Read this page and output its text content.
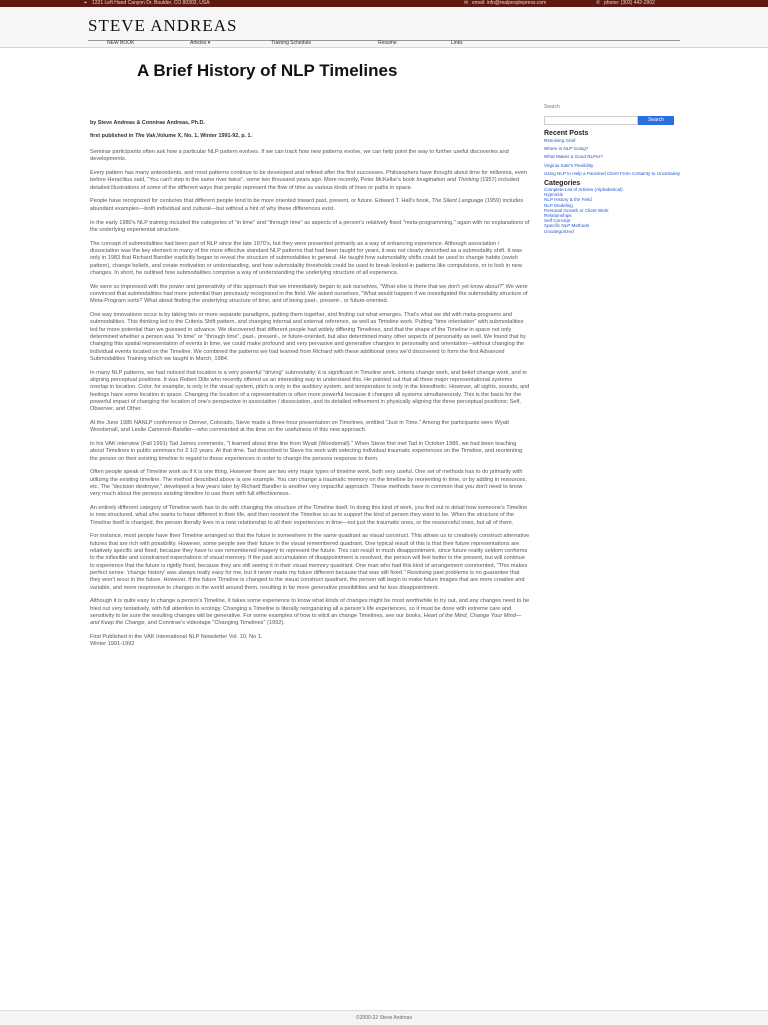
⌖ 1221 Left Hand Canyon Dr. Boulder, CO 80302, USA	✉ email: info@realpeoplepress.com	✆ phone: (303) 442-2902
STEVE ANDREAS
NEW BOOK	Articles ▾	Training Schedule	Resume	Links
A Brief History of NLP Timelines
by Steve Andreas & Connirae Andreas, Ph.D.
first published in The Vak,Volume X, No. 1, Winter 1991-92, p. 1.

Seminar participants often ask how a particular NLP pattern evolves. If we can track how new patterns evolve, we can help point the way to further useful discoveries and developments.

Every pattern has many antecedents, and most patterns continue to be developed and refined after the first successes. Philosophers have thought about time for millennia, even before Heraclitus said, "You can't step in the same river twice", some two thousand years ago. More recently, Peter McKellar's book Imagination and Thinking (1957) included detailed illustrations of some of the different ways that people represent the flow of time as various kinds of lines or paths in space.

People have recognized for centuries that different people tend to be more oriented toward past, present, or future. Edward T. Hall's book, The Silent Language (1959) includes abundant examples—both individual and cultural—but without a hint of why these differences exist.

In the early 1980's NLP training included the categories of "in time" and "through time" as aspects of a person's relatively fixed "meta-programming," again with no explanations of the underlying experiential structure.

The concept of submodalities had been part of NLP since the late 1970's, but they were presented primarily as a way of enhancing experience. Although association / dissociation was the key element in many of the more effective standard NLP patterns that had been taught for years, it was not clearly described as a submodality shift. It was only in 1983 that Richard Bandler explicitly began to reveal the structure of submodalities in general. He taught how submodality shifts could be used to change habits (swish pattern), change beliefs, and create motivation or understanding, and how submodality thresholds could be used to break looked-in patterns like compulsions, or to lock in new changes. In short, he outlined how submodalities comprise a way of understanding the underlying structure of all experience.

We were so impressed with the power and generativity of this approach that we immediately began to ask ourselves, "What else is there that we don't yet know about?" We were convinced that submodalities had more potential than previously recognized in the field. We asked ourselves, "What would happen if we investigated the submodality structure of Meta-Program sorts? What about finding the underlying structure of time, and of being past-, present-, or future-oriented.

One way innovations occur is by taking two or more separate paradigms, putting them together, and finding out what emerges. That's what we did with meta-programs and submodalities. This thinking led to the Criteria Shift pattern, and changing internal and external reference, as well as Timeline work. Putting "time orientation" with submodalities led far more potential than we guessed in advance. We discovered that different people had widely differing Timelines, and that the shape of the Timeline in space not only determined whether a person was "in time" or "through time", past-, present-, or future-oriented, but also determined many other aspects of personality as well. We found that by changing this spatial representation of events in time, we could make profound and very pervasive and generative changes in personality and orientation—without changing the individual events located on the Timeline. We combined the patterns we had learned from Richard with these additional ones we'd discovered to form the first Advanced Submodalities Training which we taught in March, 1984.

In many NLP patterns, we had noticed that location is a very powerful "driving" submodality; it is significant in Timeline work, criteria change work, and belief change work, and in aligning perceptual positions. It was Robert Dilts who recently offered us an interesting way to understand this. He pointed out that all three major representational systems overlap in location. Color, for example, is only in the visual system, pitch is only in the auditory system, and temperature is only in the kinesthetic. However, all sights, sounds, and feelings have some location in space. Changing the location of a representation is often more powerful because it changes all systems simultaneously. This is the basis for the powerful impact of changing the location of one's perspective in association / dissociation, and its detailed refinement in physically aligning the three perceptual positions; Self, Observer, and Other.

At the June 1985 NANLP conference in Denver, Colorado, Steve made a three-hour presentation on Timelines, entitled "Just in Time." Among the participants were Wyatt Woodsmall, and Leslie Cameron-Bandler—who commented at the time on the usefulness of this new approach.

In his VAK interview (Fall 1991) Tad James comments, "I learned about time line from Wyatt (Woodsmall)." When Steve first met Tad in October 1986, we had been teaching about Timelines in public seminars for 2 1/2 years. At that time, Tad described to Steve his work with selecting individual traumatic experiences on the Timeline, and reorienting the person on their existing timeline in regard to those experiences in order to change the persons response to them.

Often people speak of Timeline work as if it is one thing. However there are two very major types of timeline work, both very useful. One set of methods has to do primarily with utilizing the existing timeline. The method described above is one example. You can change a traumatic memory on the timeline by reorienting in time, or by adding in resources, etc. The "decision destroyer," developed a few years later by Richard Bandler is another very impactful approach. These methods have in common that you don't need to know very much about the persons existing timeline to use them with full effectiveness.

An entirely different category of Timeline work has to do with changing the structure of the Timeline itself. In doing this kind of work, you find out in detail how someone's Timeline is now structured, what s/he wants to have different in their life, and then reorient the Timeline so as to support the kind of person they want to be. When the structure of the Timeline itself is changed, the person literally lives in a new relationship to all their experiences in time—not just the traumatic ones, or the resourceful ones, but all of them.

For instance, most people have their Timeline arranged so that the future is somewhere in the same quadrant as visual construct. This allows us to creatively construct alternative futures that are rich with possibility. However, some people see their future in the visual remembered quadrant. One typical result of this is that their future representations are relatively specific and fixed, because they have to use remembered imagery to represent the future. This can result in much disappointment, since future reality seldom conforms to the inflexible and constrained expectations of visual memory. If the past accumulation of disappointment is resolved, the person will feel better in the present, but will continue to experience that the future is rigidly fixed, because they are still seeing it in their visual memory quadrant. One man who had this kind of arrangement commented, "This makes perfect sense: 'change history' was always really easy for me, but it never made my future different because that was still fixed." Resolving past problems is no guarantee that they won't recur in the future. However, if the future Timeline is changed to the visual construct quadrant, the person will begin to make future images that are more creative and variable, and more responsive to changes in the world around them, resulting in far more generative possibilities and far less disappointment.

Although it is quite easy to change a person's Timeline, it takes some experience to know what kinds of changes might be most worthwhile to try out, and any changes need to be tried out very tentatively, with full attention to ecology. Changing a Timeline is literally reorganizing all a person's life experiences, so it must be done with extreme care and sensitivity to be sure the resulting changes will be generative. For some examples of how to elicit an change Timelines, see our books, Heart of the Mind, Change Your Mind—and Keep the Change, and Connirae's videotape "Changing Timelines" (1992).

First Published in the VAK International NLP Newsletter Vol. 10, No 1.
Winter 1991-1992

Search
Search
Recent Posts
Resolving Grief
Where is NLP Going?
What Makes a Good NLPer?
Virginia Satir's Flexibility
Using NLP to Help a Panicked Client From Certainty to Uncertainty
Categories
Complete List of Articles (Alphabetical)
Hypnosis
NLP History & the Field
NLP Modeling
Personal Growth or Client Work
Relationships
Self Concept
Specific NLP Methods
Uncategorized
©2000-22 Steve Andreas
